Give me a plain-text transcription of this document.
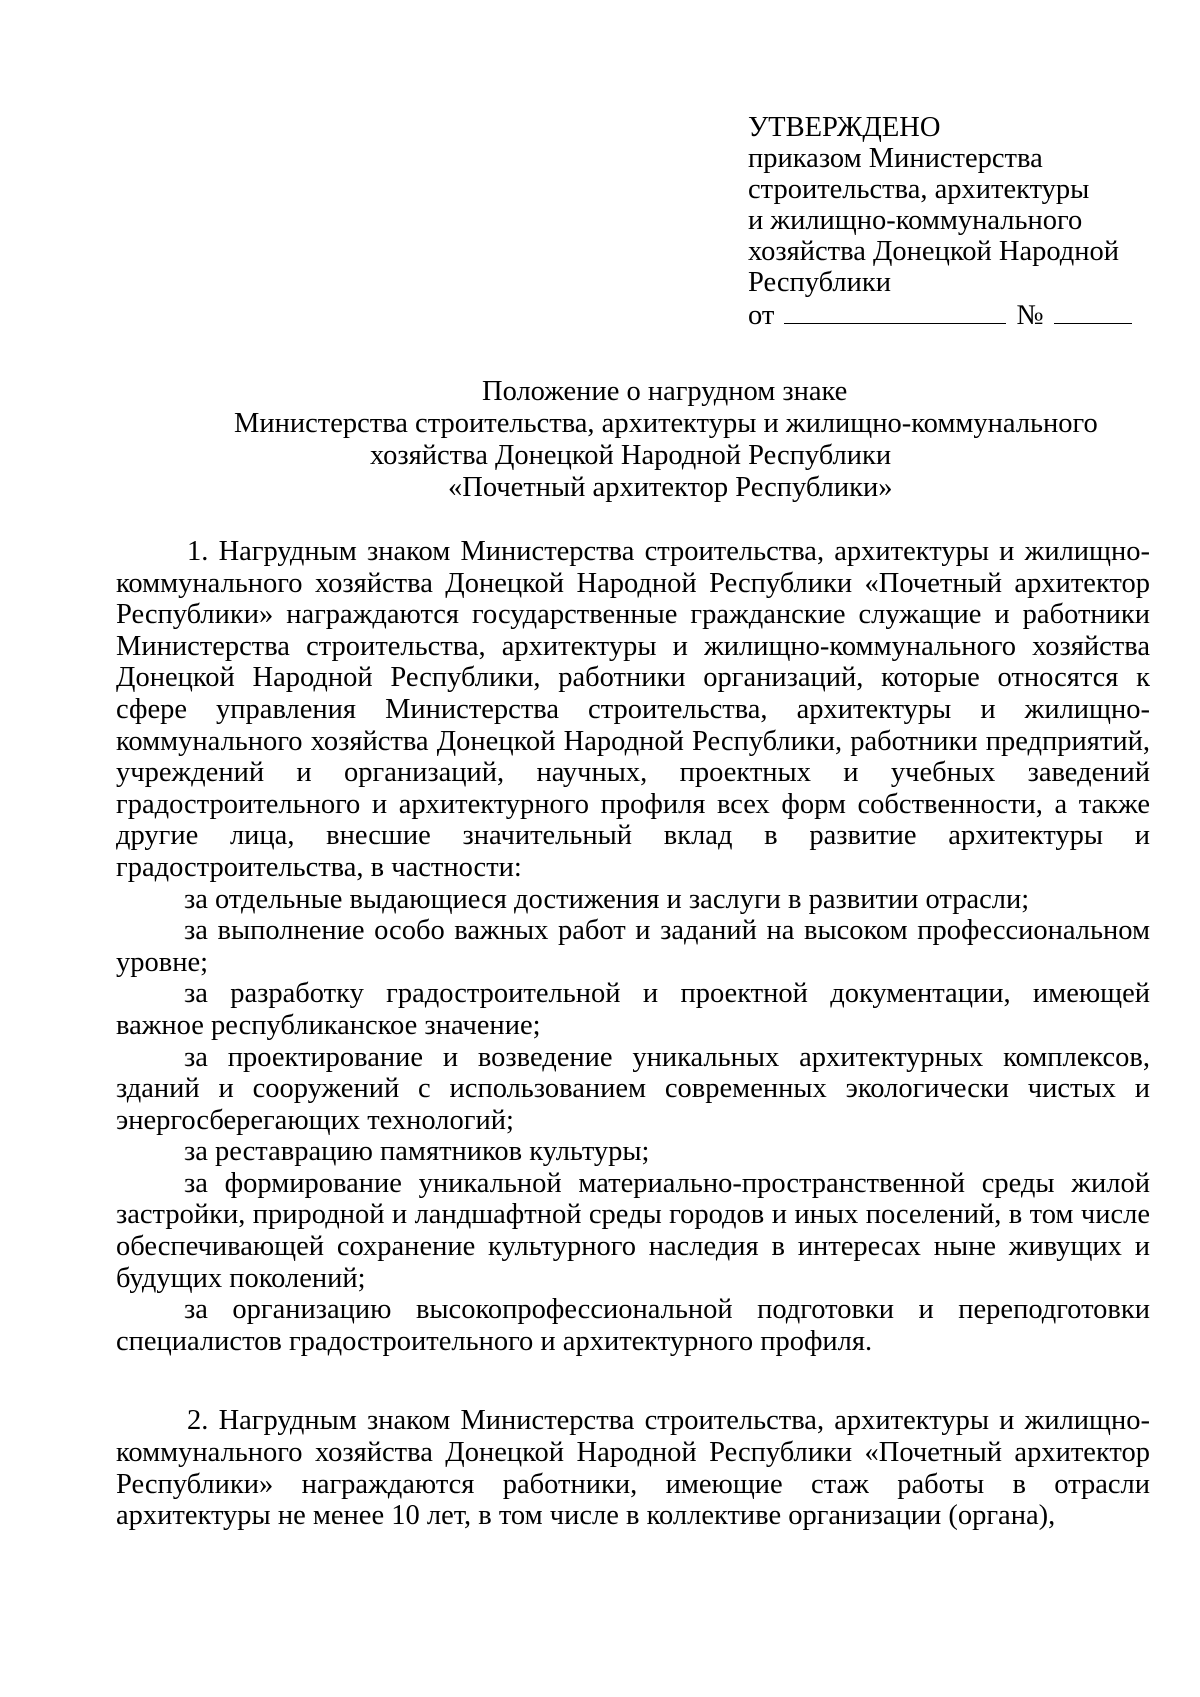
УТВЕРЖДЕНО
приказом Министерства
строительства, архитектуры
и жилищно-коммунального
хозяйства Донецкой Народной
Республики
от	№
Положение о нагрудном знаке
Министерства строительства, архитектуры и жилищно-коммунального
хозяйства Донецкой Народной Республики
«Почетный архитектор Республики»

1. Нагрудным знаком Министерства строительства, архитектуры и жилищно-коммунального хозяйства Донецкой Народной Республики «Почетный архитектор Республики» награждаются государственные гражданские служащие и работники Министерства строительства, архитектуры и жилищно-коммунального хозяйства Донецкой Народной Республики, работники организаций, которые относятся к сфере управления Министерства строительства, архитектуры и жилищно-коммунального хозяйства Донецкой Народной Республики, работники предприятий, учреждений и организаций, научных, проектных и учебных заведений градостроительного и архитектурного профиля всех форм собственности, а также другие лица, внесшие значительный вклад в развитие архитектуры и градостроительства, в частности:

за отдельные выдающиеся достижения и заслуги в развитии отрасли;

за выполнение особо важных работ и заданий на высоком профессиональном уровне;

за разработку градостроительной и проектной документации, имеющей важное республиканское значение;

за проектирование и возведение уникальных архитектурных комплексов, зданий и сооружений с использованием современных экологически чистых и энергосберегающих технологий;

за реставрацию памятников культуры;

за формирование уникальной материально-пространственной среды жилой застройки, природной и ландшафтной среды городов и иных поселений, в том числе обеспечивающей сохранение культурного наследия в интересах ныне живущих и будущих поколений;

за организацию высокопрофессиональной подготовки и переподготовки специалистов градостроительного и архитектурного профиля.

2. Нагрудным знаком Министерства строительства, архитектуры и жилищно-коммунального хозяйства Донецкой Народной Республики «Почетный архитектор Республики» награждаются работники, имеющие стаж работы в отрасли архитектуры не менее 10 лет, в том числе в коллективе организации (органа),
